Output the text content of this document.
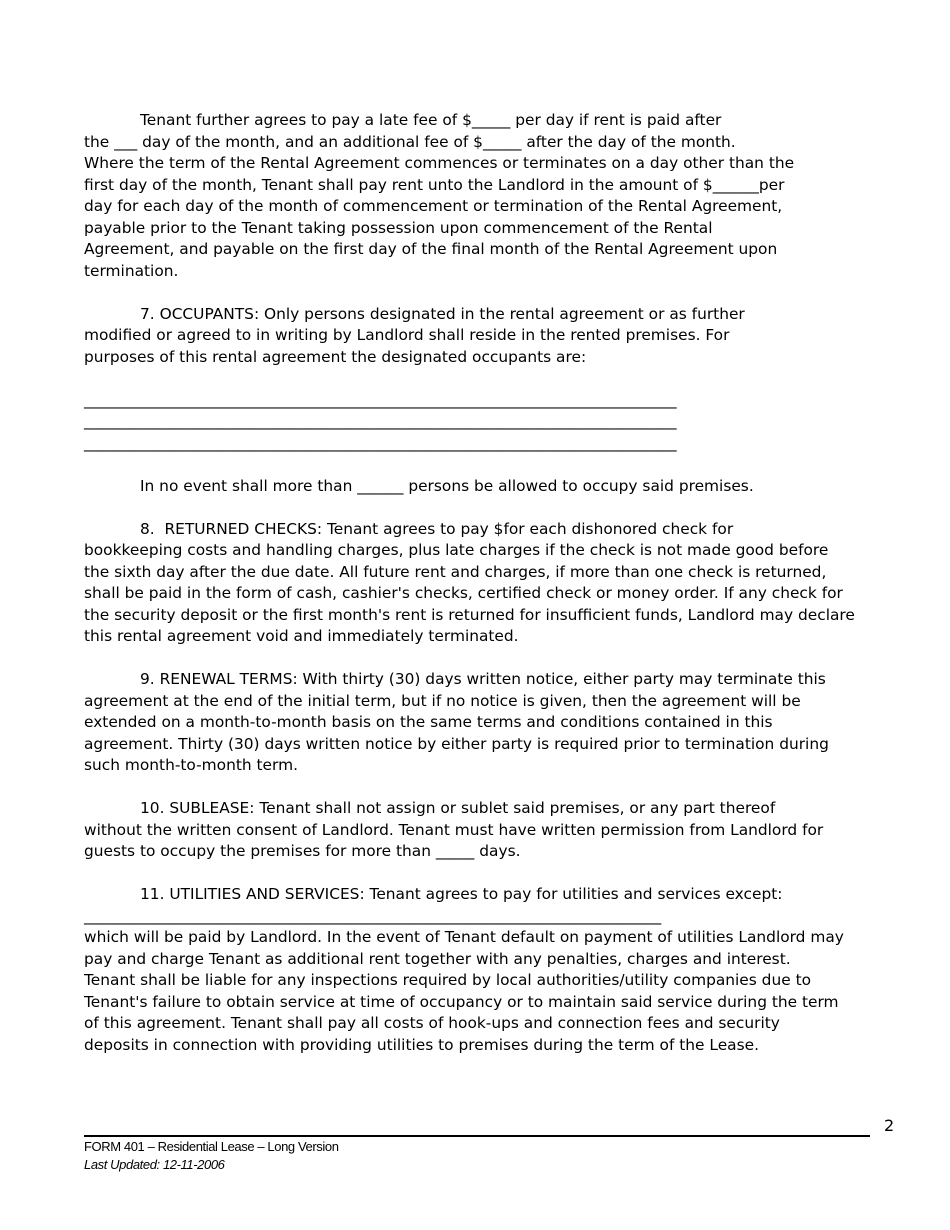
Tenant further agrees to pay a late fee of $_____ per day if rent is paid after
the ___ day of the month, and an additional fee of $_____ after the day of the month.
Where the term of the Rental Agreement commences or terminates on a day other than the
first day of the month, Tenant shall pay rent unto the Landlord in the amount of $______per
day for each day of the month of commencement or termination of the Rental Agreement,
payable prior to the Tenant taking possession upon commencement of the Rental
Agreement, and payable on the first day of the final month of the Rental Agreement upon
termination.

7. OCCUPANTS: Only persons designated in the rental agreement or as further
modified or agreed to in writing by Landlord shall reside in the rented premises. For
purposes of this rental agreement the designated occupants are:

_____________________________________________________________________________
_____________________________________________________________________________
_____________________________________________________________________________

In no event shall more than ______ persons be allowed to occupy said premises.

8.  RETURNED CHECKS: Tenant agrees to pay $for each dishonored check for
bookkeeping costs and handling charges, plus late charges if the check is not made good before
the sixth day after the due date. All future rent and charges, if more than one check is returned,
shall be paid in the form of cash, cashier's checks, certified check or money order. If any check for
the security deposit or the first month's rent is returned for insufficient funds, Landlord may declare
this rental agreement void and immediately terminated.

9. RENEWAL TERMS: With thirty (30) days written notice, either party may terminate this
agreement at the end of the initial term, but if no notice is given, then the agreement will be
extended on a month-to-month basis on the same terms and conditions contained in this
agreement. Thirty (30) days written notice by either party is required prior to termination during
such month-to-month term.

10. SUBLEASE: Tenant shall not assign or sublet said premises, or any part thereof
without the written consent of Landlord. Tenant must have written permission from Landlord for
guests to occupy the premises for more than _____ days.

11. UTILITIES AND SERVICES: Tenant agrees to pay for utilities and services except:
___________________________________________________________________________
which will be paid by Landlord. In the event of Tenant default on payment of utilities Landlord may
pay and charge Tenant as additional rent together with any penalties, charges and interest.
Tenant shall be liable for any inspections required by local authorities/utility companies due to
Tenant's failure to obtain service at time of occupancy or to maintain said service during the term
of this agreement. Tenant shall pay all costs of hook-ups and connection fees and security
deposits in connection with providing utilities to premises during the term of the Lease.

2
FORM 401 – Residential Lease – Long Version
Last Updated: 12-11-2006
